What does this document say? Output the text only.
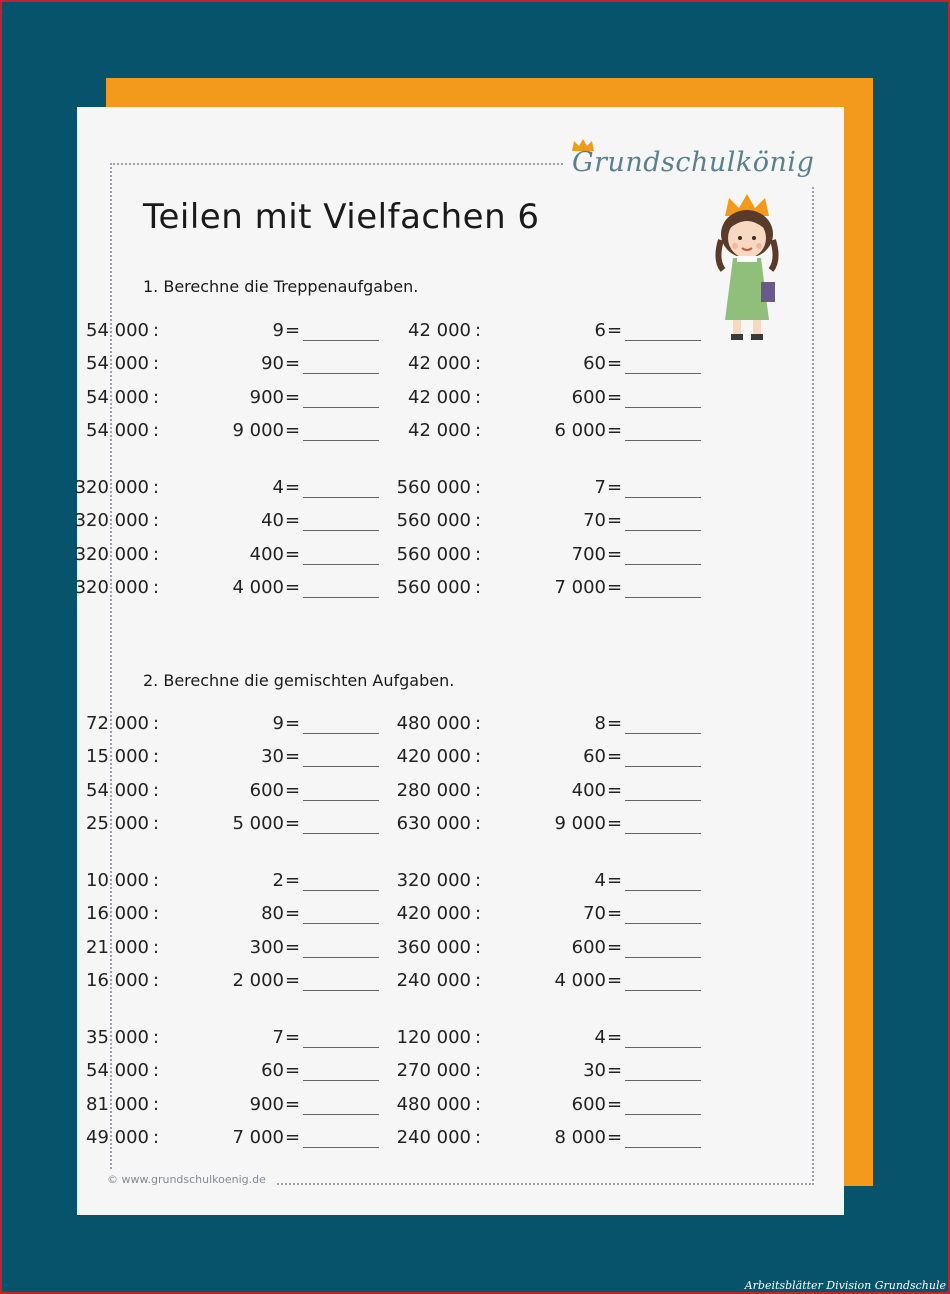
Grundschulkönig
Teilen mit Vielfachen 6
1. Berechne die Treppenaufgaben.
2. Berechne die gemischten Aufgaben.
© www.grundschulkoenig.de
54 000 :	9 =
54 000 :	90 =
54 000 :	900 =
54 000 :	9 000 =
42 000 :	6 =
42 000 :	60 =
42 000 :	600 =
42 000 :	6 000 =
320 000 :	4 =
320 000 :	40 =
320 000 :	400 =
320 000 :	4 000 =
560 000 :	7 =
560 000 :	70 =
560 000 :	700 =
560 000 :	7 000 =
72 000 :	9 =
15 000 :	30 =
54 000 :	600 =
25 000 :	5 000 =
480 000 :	8 =
420 000 :	60 =
280 000 :	400 =
630 000 :	9 000 =
10 000 :	2 =
16 000 :	80 =
21 000 :	300 =
16 000 :	2 000 =
320 000 :	4 =
420 000 :	70 =
360 000 :	600 =
240 000 :	4 000 =
35 000 :	7 =
54 000 :	60 =
81 000 :	900 =
49 000 :	7 000 =
120 000 :	4 =
270 000 :	30 =
480 000 :	600 =
240 000 :	8 000 =
Arbeitsblätter Division Grundschule
